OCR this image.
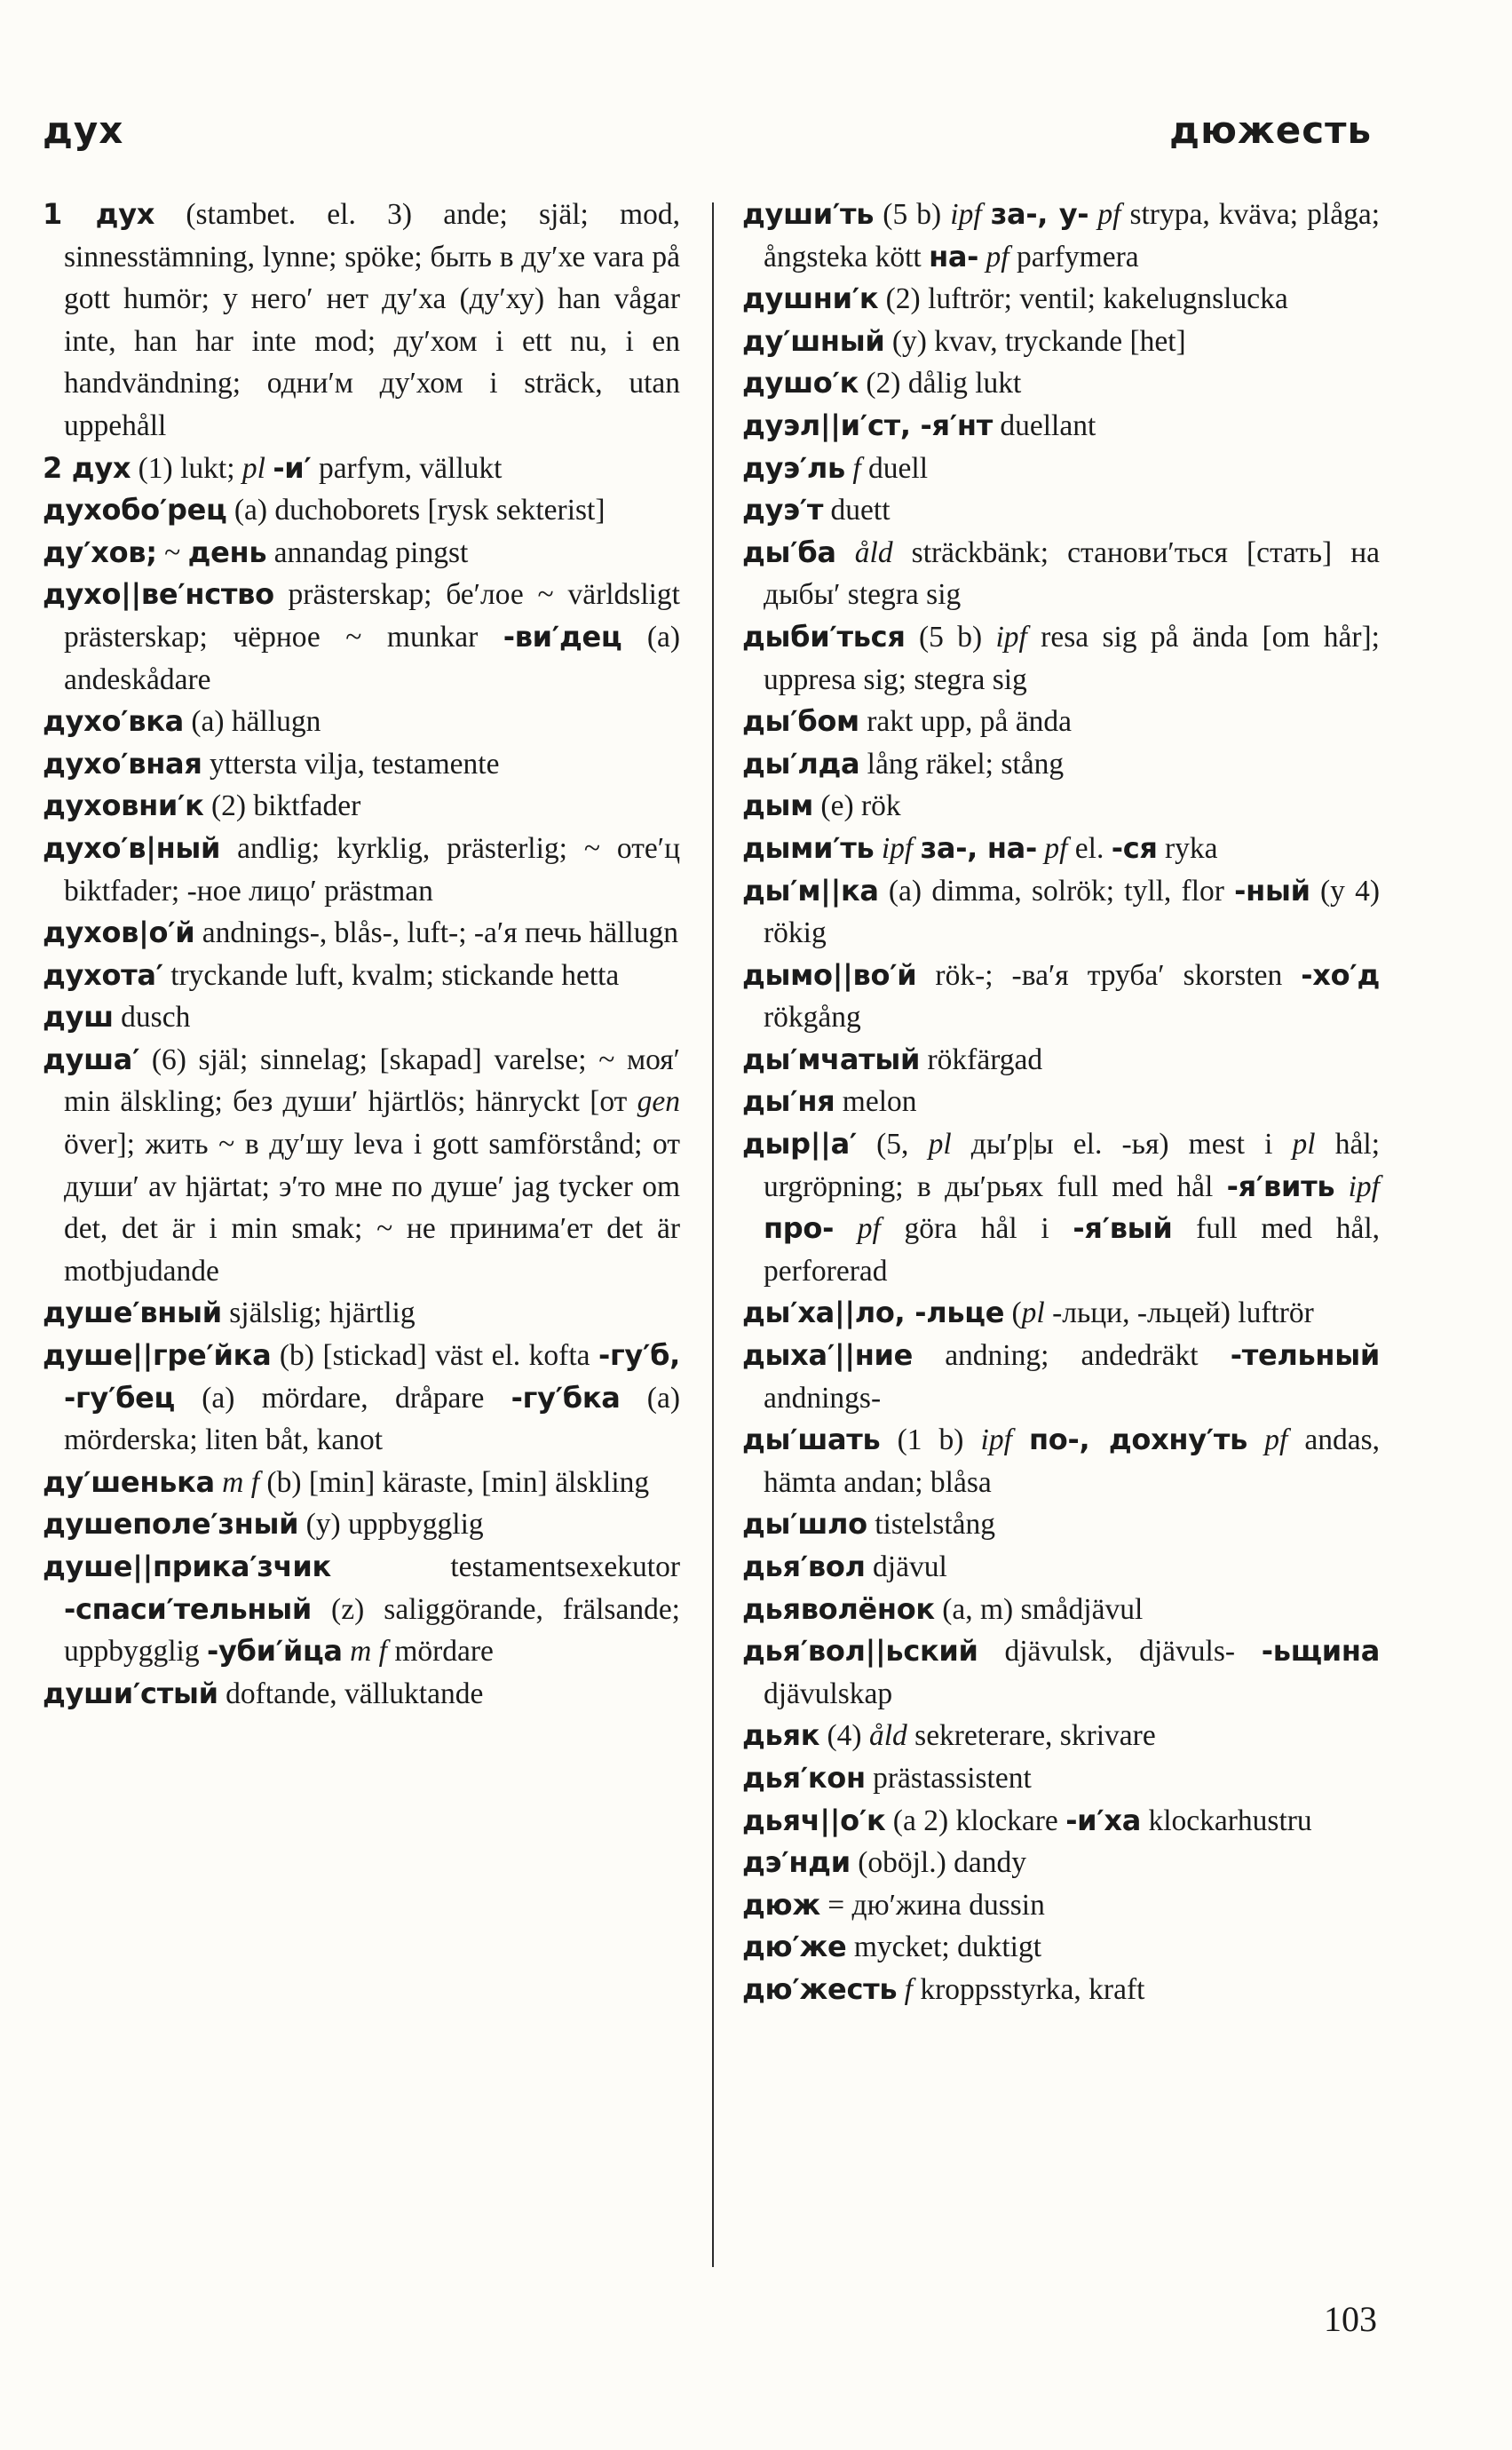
дух	дюжесть

1 дух (stambet. el. 3) ande; själ; mod, sinnesstämning, lynne; spöke; быть в ду′хе vara på gott humör; у него′ нет ду′ха (ду′ху) han vågar inte, han har inte mod; ду′хом i ett nu, i en handvändning; одни′м ду′хом i sträck, utan uppehåll

2 дух (1) lukt; pl -и′ parfym, vällukt

духобо′рец (a) duchoborets [rysk sekterist]

ду′хов; ~ день annandag pingst

духо||ве′нство prästerskap; бе′лое ~ världsligt prästerskap; чёрное ~ munkar -ви′дец (a) andeskådare

духо′вка (a) hällugn

духо′вная yttersta vilja, testamente

духовни′к (2) biktfader

духо′в|ный andlig; kyrklig, prästerlig; ~ оте′ц biktfader; -ное лицо′ prästman

духов|о′й andnings-, blås-, luft-; -а′я печь hällugn

духота′ tryckande luft, kvalm; stickande hetta

душ dusch

душа′ (6) själ; sinnelag; [skapad] varelse; ~ моя′ min älskling; без души′ hjärtlös; hänryckt [от gen över]; жить ~ в ду′шу leva i gott samförstånd; от души′ av hjärtat; э′то мне по душе′ jag tycker om det, det är i min smak; ~ не принима′ет det är motbjudande

душе′вный själslig; hjärtlig

душе||гре′йка (b) [stickad] väst el. kofta -гу′б, -гу′бец (a) mördare, dråpare -гу′бка (a) mörderska; liten båt, kanot

ду′шенька m f (b) [min] käraste, [min] älskling

душеполе′зный (y) uppbygglig

душе||прика′зчик testamentsexekutor -спаси′тельный (z) saliggörande, frälsande; uppbygglig -уби′йца m f mördare

души′стый doftande, välluktande

души′ть (5 b) ipf за-, у- pf strypa, kväva; plåga; ångsteka kött на- pf parfymera

душни′к (2) luftrör; ventil; kakelugnslucka

ду′шный (y) kvav, tryckande [het]

душо′к (2) dålig lukt

дуэл||и′ст, -я′нт duellant

дуэ′ль f duell

дуэ′т duett

ды′ба åld sträckbänk; станови′ться [стать] на дыбы′ stegra sig

дыби′ться (5 b) ipf resa sig på ända [om hår]; uppresa sig; stegra sig

ды′бом rakt upp, på ända

ды′лда lång räkel; stång

дым (e) rök

дыми′ть ipf за-, на- pf el. -ся ryka

ды′м||ка (a) dimma, solrök; tyll, flor -ный (y 4) rökig

дымо||во′й rök-; -ва′я труба′ skorsten -хо′д rökgång

ды′мчатый rökfärgad

ды′ня melon

дыр||а′ (5, pl ды′р|ы el. -ья) mest i pl hål; urgröpning; в ды′рьях full med hål -я′вить ipf про- pf göra hål i -я′вый full med hål, perforerad

ды′ха||ло, -льце (pl -льци, -льцей) luftrör

дыха′||ние andning; andedräkt -тельный andnings-

ды′шать (1 b) ipf по-, дохну′ть pf andas, hämta andan; blåsa

ды′шло tistelstång

дья′вол djävul

дьяволёнок (a, m) smådjävul

дья′вол||ьский djävulsk, djävuls- -ьщина djävulskap

дьяк (4) åld sekreterare, skrivare

дья′кон prästassistent

дьяч||о′к (a 2) klockare -и′ха klockarhustru

дэ′нди (oböjl.) dandy

дюж = дю′жина dussin

дю′же mycket; duktigt

дю′жесть f kroppsstyrka, kraft

103
